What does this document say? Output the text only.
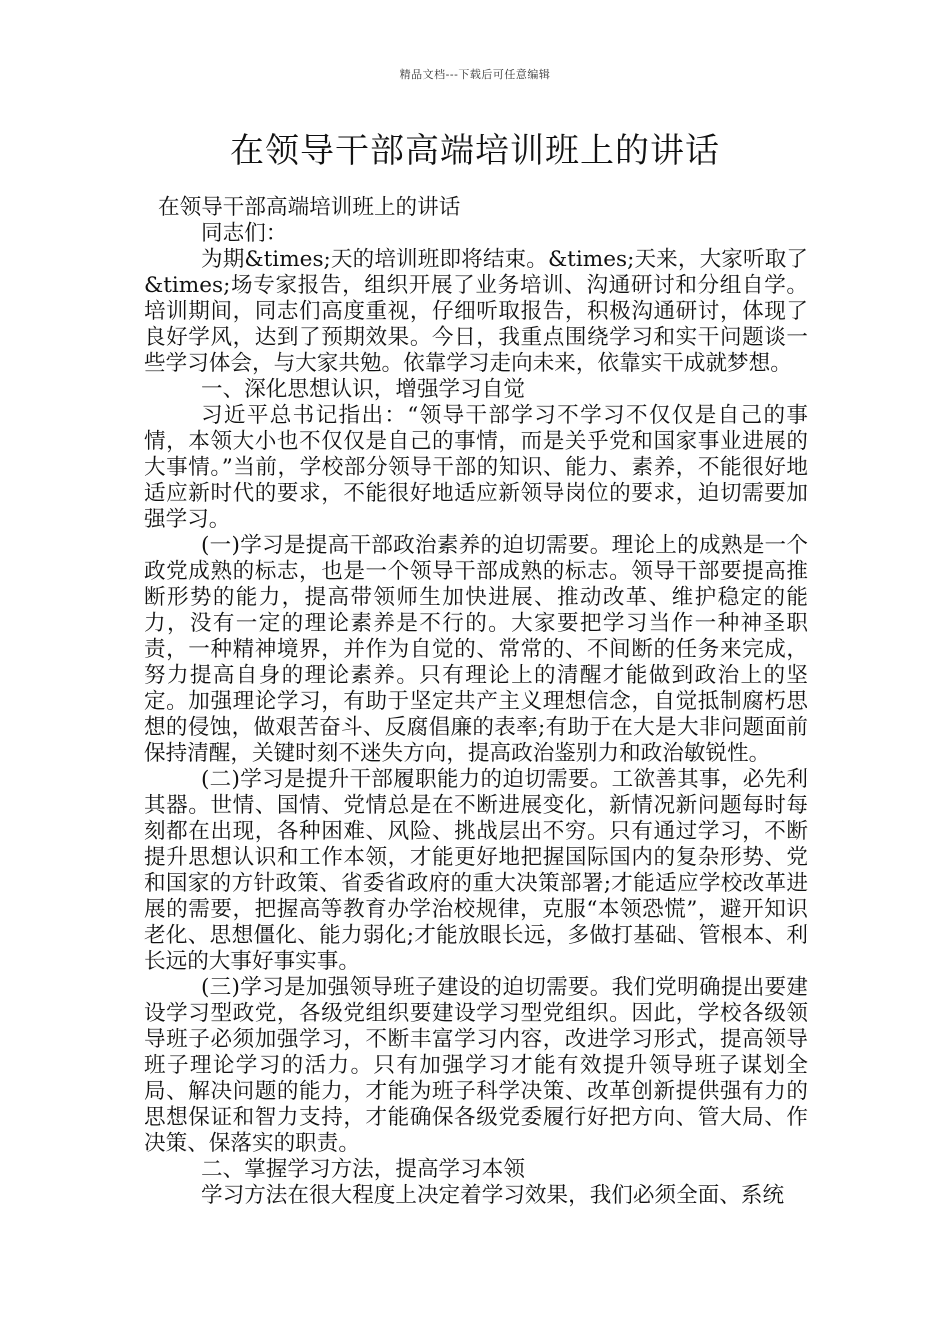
精品文档---下载后可任意编辑
在领导干部高端培训班上的讲话

在领导干部高端培训班上的讲话

同志们：

为期&times;天的培训班即将结束。&times;天来，大家听取了&times;场专家报告，组织开展了业务培训、沟通研讨和分组自学。培训期间，同志们高度重视，仔细听取报告，积极沟通研讨，体现了良好学风，达到了预期效果。今日，我重点围绕学习和实干问题谈一些学习体会，与大家共勉。依靠学习走向未来，依靠实干成就梦想。

一、深化思想认识，增强学习自觉

习近平总书记指出：“领导干部学习不学习不仅仅是自己的事情，本领大小也不仅仅是自己的事情，而是关乎党和国家事业进展的大事情。”当前，学校部分领导干部的知识、能力、素养，不能很好地适应新时代的要求，不能很好地适应新领导岗位的要求，迫切需要加强学习。

(一)学习是提高干部政治素养的迫切需要。理论上的成熟是一个政党成熟的标志，也是一个领导干部成熟的标志。领导干部要提高推断形势的能力，提高带领师生加快进展、推动改革、维护稳定的能力，没有一定的理论素养是不行的。大家要把学习当作一种神圣职责，一种精神境界，并作为自觉的、常常的、不间断的任务来完成，努力提高自身的理论素养。只有理论上的清醒才能做到政治上的坚定。加强理论学习，有助于坚定共产主义理想信念，自觉抵制腐朽思想的侵蚀，做艰苦奋斗、反腐倡廉的表率;有助于在大是大非问题面前保持清醒，关键时刻不迷失方向，提高政治鉴别力和政治敏锐性。

(二)学习是提升干部履职能力的迫切需要。工欲善其事，必先利其器。世情、国情、党情总是在不断进展变化，新情况新问题每时每刻都在出现，各种困难、风险、挑战层出不穷。只有通过学习，不断提升思想认识和工作本领，才能更好地把握国际国内的复杂形势、党和国家的方针政策、省委省政府的重大决策部署;才能适应学校改革进展的需要，把握高等教育办学治校规律，克服“本领恐慌”，避开知识老化、思想僵化、能力弱化;才能放眼长远，多做打基础、管根本、利长远的大事好事实事。

(三)学习是加强领导班子建设的迫切需要。我们党明确提出要建设学习型政党，各级党组织要建设学习型党组织。因此，学校各级领导班子必须加强学习，不断丰富学习内容，改进学习形式，提高领导班子理论学习的活力。只有加强学习才能有效提升领导班子谋划全局、解决问题的能力，才能为班子科学决策、改革创新提供强有力的思想保证和智力支持，才能确保各级党委履行好把方向、管大局、作决策、保落实的职责。

二、掌握学习方法，提高学习本领

学习方法在很大程度上决定着学习效果，我们必须全面、系统
